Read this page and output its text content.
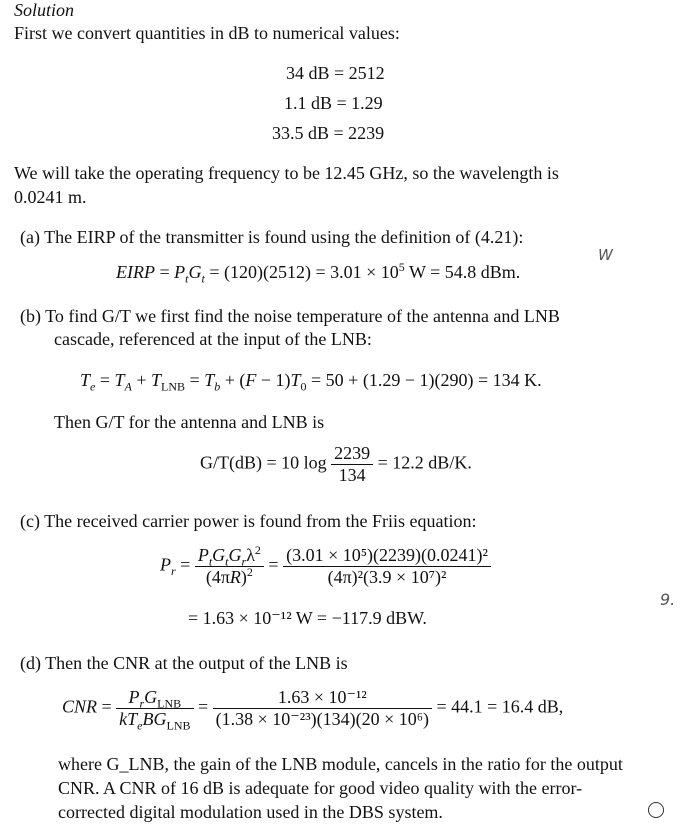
Solution
First we convert quantities in dB to numerical values:
34 dB = 2512
1.1 dB = 1.29
33.5 dB = 2239
We will take the operating frequency to be 12.45 GHz, so the wavelength is
0.0241 m.
(a) The EIRP of the transmitter is found using the definition of (4.21):
EIRP = $P_tG_t = (120)(2512) = 3.01 \times 10^5$ W = 54.8 dBm.
W
(b) To find G/T we first find the noise temperature of the antenna and LNB
cascade, referenced at the input of the LNB:
$T_e = T_A + T_{LNB} = T_b + (F - 1)T_0 = 50 + (1.29 - 1)(290) = 134$ K.
Then G/T for the antenna and LNB is
G/T(dB) = 10 $\log \frac{2239}{134} = 12.2$ dB/K.
(c) The received carrier power is found from the Friis equation:
$P_r = \frac{P_tG_tG_r\lambda^2}{(4\pi R)^2} = \frac{\text{(3.01 × 10⁵)(2239)(0.0241)²}}{\text{(4π)²(3.9 × 10⁷)²}}$
= 1.63 × 10⁻¹² W = −117.9 dBW.
9.
(d) Then the CNR at the output of the LNB is
CNR = $\frac{P_rG_{LNB}}{kT_eBG_{LNB}} = \frac{\text{1.63 × 10⁻¹²}}{\text{(1.38 × 10⁻²³)(134)(20 × 10⁶)}} = 44.1 = 16.4$ dB,
where G_LNB, the gain of the LNB module, cancels in the ratio for the output
CNR. A CNR of 16 dB is adequate for good video quality with the error-
corrected digital modulation used in the DBS system.
